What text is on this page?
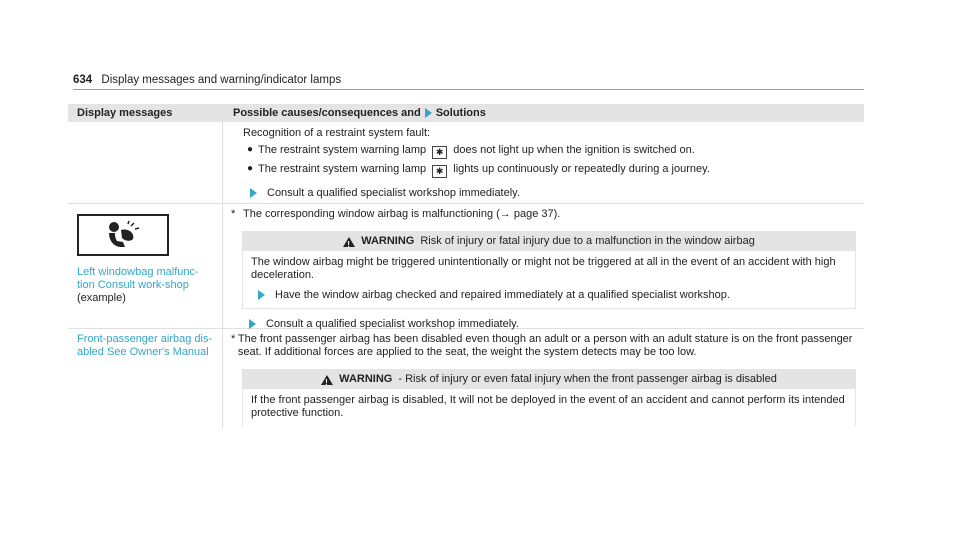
634 Display messages and warning/indicator lamps
Display messages	Possible causes/consequences and Solutions
Recognition of a restraint system fault:
● The restraint system warning lamp ✱ does not light up when the ignition is switched on.
● The restraint system warning lamp ✱ lights up continuously or repeatedly during a journey.
Consult a qualified specialist workshop immediately.
Left windowbag malfunc-tion Consult work-shop (example)
* The corresponding window airbag is malfunctioning (→ page 37).
!
WARNING Risk of injury or fatal injury due to a malfunction in the window airbag
The window airbag might be triggered unintentionally or might not be triggered at all in the event of an accident with high deceleration.
Have the window airbag checked and repaired immediately at a qualified specialist workshop.
Consult a qualified specialist workshop immediately.
Front-passenger airbag dis-abled See Owner's Manual
* The front passenger airbag has been disabled even though an adult or a person with an adult stature is on the front passenger seat. If additional forces are applied to the seat, the weight the system detects may be too low.
!
WARNING - Risk of injury or even fatal injury when the front passenger airbag is disabled
If the front passenger airbag is disabled, It will not be deployed in the event of an accident and cannot perform its intended protective function.
